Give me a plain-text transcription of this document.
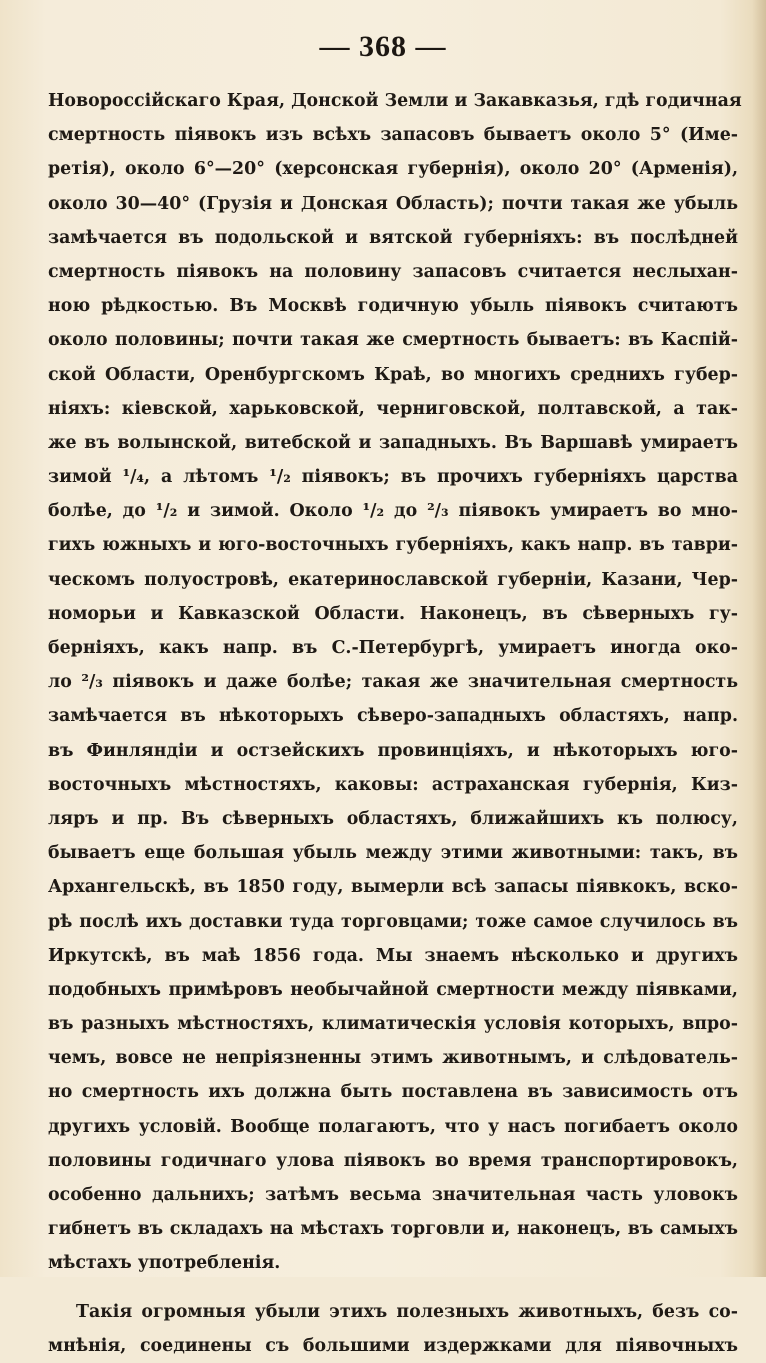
— 368 —
Новороссійскаго Края, Донской Земли и Закавказья, гдѣ годичная
смертность піявокъ изъ всѣхъ запасовъ бываетъ около 5° (Име-
ретія), около 6°—20° (херсонская губернія), около 20° (Арменія),
около 30—40° (Грузія и Донская Область); почти такая же убыль
замѣчается въ подольской и вятской губерніяхъ: въ послѣдней
смертность піявокъ на половину запасовъ считается неслыхан-
ною рѣдкостью. Въ Москвѣ годичную убыль піявокъ считаютъ
около половины; почти такая же смертность бываетъ: въ Каспій-
ской Области, Оренбургскомъ Краѣ, во многихъ среднихъ губер-
ніяхъ: кіевской, харьковской, черниговской, полтавской, а так-
же въ волынской, витебской и западныхъ. Въ Варшавѣ умираетъ
зимой ¹/₄, а лѣтомъ ¹/₂ піявокъ; въ прочихъ губерніяхъ царства
болѣе, до ¹/₂ и зимой. Около ¹/₂ до ²/₃ піявокъ умираетъ во мно-
гихъ южныхъ и юго-восточныхъ губерніяхъ, какъ напр. въ таври-
ческомъ полуостровѣ, екатеринославской губерніи, Казани, Чер-
номорьи и Кавказской Области. Наконецъ, въ сѣверныхъ гу-
берніяхъ, какъ напр. въ С.-Петербургѣ, умираетъ иногда око-
ло ²/₃ піявокъ и даже болѣе; такая же значительная смертность
замѣчается въ нѣкоторыхъ сѣверо-западныхъ областяхъ, напр.
въ Финляндіи и остзейскихъ провинціяхъ, и нѣкоторыхъ юго-
восточныхъ мѣстностяхъ, каковы: астраханская губернія, Киз-
ляръ и пр. Въ сѣверныхъ областяхъ, ближайшихъ къ полюсу,
бываетъ еще большая убыль между этими животными: такъ, въ
Архангельскѣ, въ 1850 году, вымерли всѣ запасы піявкокъ, вско-
рѣ послѣ ихъ доставки туда торговцами; тоже самое случилось въ
Иркутскѣ, въ маѣ 1856 года. Мы знаемъ нѣсколько и другихъ
подобныхъ примѣровъ необычайной смертности между піявками,
въ разныхъ мѣстностяхъ, климатическія условія которыхъ, впро-
чемъ, вовсе не непріязненны этимъ животнымъ, и слѣдователь-
но смертность ихъ должна быть поставлена въ зависимость отъ
другихъ условій. Вообще полагаютъ, что у насъ погибаетъ около
половины годичнаго улова піявокъ во время транспортировокъ,
особенно дальнихъ; затѣмъ весьма значительная часть уловокъ
гибнетъ въ складахъ на мѣстахъ торговли и, наконецъ, въ самыхъ
мѣстахъ употребленія.
Такія огромныя убыли этихъ полезныхъ животныхъ, безъ со-
мнѣнія, соединены съ большими издержками для піявочныхъ
